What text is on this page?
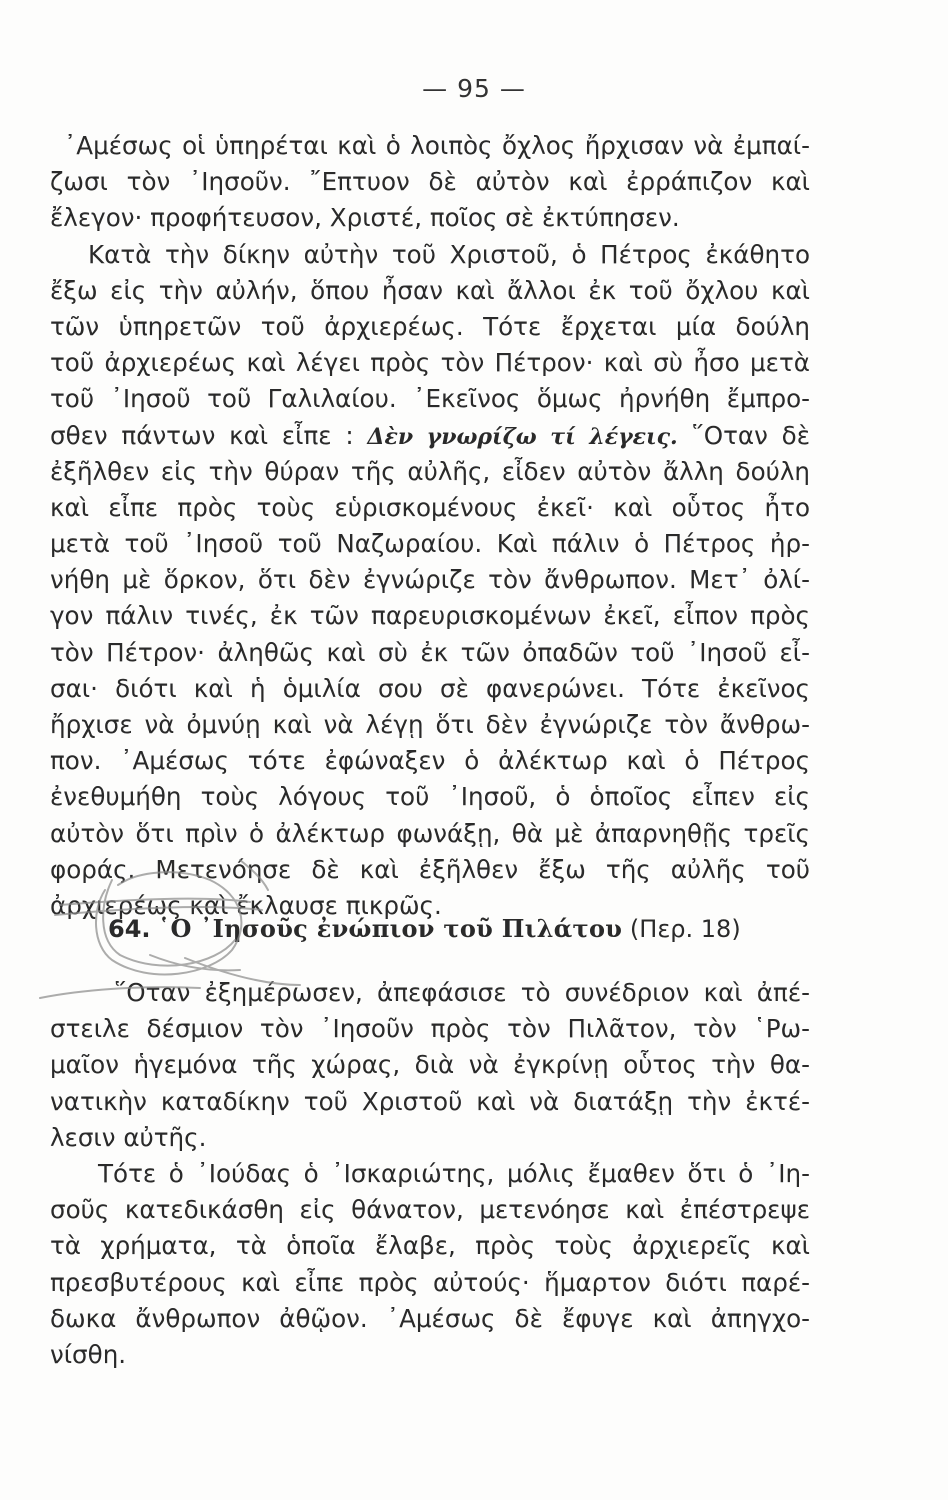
— 95 —
᾿Αμέσως οἱ ὑπηρέται καὶ ὁ λοιπὸς ὄχλος ἤρχισαν νὰ ἐμπαί-
ζωσι τὸν ᾿Ιησοῦν. ῎Επτυον δὲ αὐτὸν καὶ ἐρράπιζον καὶ
ἔλεγον· προφήτευσον, Χριστέ, ποῖος σὲ ἐκτύπησεν.
Κατὰ τὴν δίκην αὐτὴν τοῦ Χριστοῦ, ὁ Πέτρος ἐκάθητο
ἔξω εἰς τὴν αὐλήν, ὅπου ἦσαν καὶ ἄλλοι ἐκ τοῦ ὄχλου καὶ
τῶν ὑπηρετῶν τοῦ ἀρχιερέως. Τότε ἔρχεται μία δούλη
τοῦ ἀρχιερέως καὶ λέγει πρὸς τὸν Πέτρον· καὶ σὺ ἦσο μετὰ
τοῦ ᾿Ιησοῦ τοῦ Γαλιλαίου. ᾿Εκεῖνος ὅμως ἠρνήθη ἔμπρο-
σθεν πάντων καὶ εἶπε : Δὲν γνωρίζω τί λέγεις. ῞Οταν δὲ
ἐξῆλθεν εἰς τὴν θύραν τῆς αὐλῆς, εἶδεν αὐτὸν ἄλλη δούλη
καὶ εἶπε πρὸς τοὺς εὑρισκομένους ἐκεῖ· καὶ οὗτος ἦτο
μετὰ τοῦ ᾿Ιησοῦ τοῦ Ναζωραίου. Καὶ πάλιν ὁ Πέτρος ἠρ-
νήθη μὲ ὅρκον, ὅτι δὲν ἐγνώριζε τὸν ἄνθρωπον. Μετ᾿ ὀλί-
γον πάλιν τινές, ἐκ τῶν παρευρισκομένων ἐκεῖ, εἶπον πρὸς
τὸν Πέτρον· ἀληθῶς καὶ σὺ ἐκ τῶν ὀπαδῶν τοῦ ᾿Ιησοῦ εἶ-
σαι· διότι καὶ ἡ ὁμιλία σου σὲ φανερώνει. Τότε ἐκεῖνος
ἤρχισε νὰ ὀμνύῃ καὶ νὰ λέγῃ ὅτι δὲν ἐγνώριζε τὸν ἄνθρω-
πον. ᾿Αμέσως τότε ἐφώναξεν ὁ ἀλέκτωρ καὶ ὁ Πέτρος
ἐνεθυμήθη τοὺς λόγους τοῦ ᾿Ιησοῦ, ὁ ὁποῖος εἶπεν εἰς
αὐτὸν ὅτι πρὶν ὁ ἀλέκτωρ φωνάξῃ, θὰ μὲ ἀπαρνηθῇς τρεῖς
φοράς. Μετενόησε δὲ καὶ ἐξῆλθεν ἔξω τῆς αὐλῆς τοῦ
ἀρχιερέως καὶ ἔκλαυσε πικρῶς.
64. ῾Ο ᾿Ιησοῦς ἐνώπιον τοῦ Πιλάτου (Περ. 18)
῞Οταν ἐξημέρωσεν, ἀπεφάσισε τὸ συνέδριον καὶ ἀπέ-
στειλε δέσμιον τὸν ᾿Ιησοῦν πρὸς τὸν Πιλᾶτον, τὸν ῾Ρω-
μαῖον ἡγεμόνα τῆς χώρας, διὰ νὰ ἐγκρίνῃ οὗτος τὴν θα-
νατικὴν καταδίκην τοῦ Χριστοῦ καὶ νὰ διατάξῃ τὴν ἐκτέ-
λεσιν αὐτῆς.
Τότε ὁ ᾿Ιούδας ὁ ᾿Ισκαριώτης, μόλις ἔμαθεν ὅτι ὁ ᾿Ιη-
σοῦς κατεδικάσθη εἰς θάνατον, μετενόησε καὶ ἐπέστρεψε
τὰ χρήματα, τὰ ὁποῖα ἔλαβε, πρὸς τοὺς ἀρχιερεῖς καὶ
πρεσβυτέρους καὶ εἶπε πρὸς αὐτούς· ἥμαρτον διότι παρέ-
δωκα ἄνθρωπον ἀθῷον. ᾿Αμέσως δὲ ἔφυγε καὶ ἀπηγχο-
νίσθη.
